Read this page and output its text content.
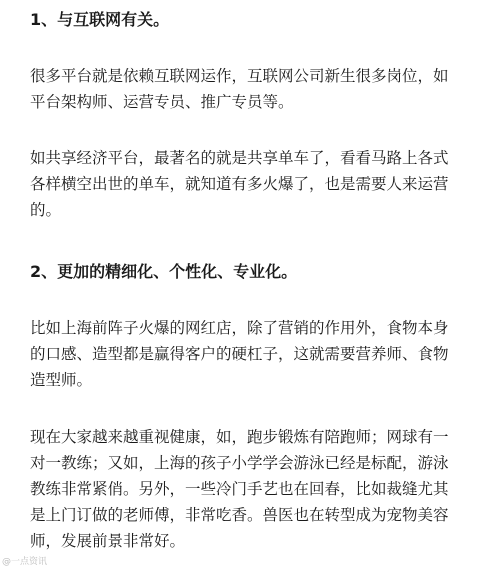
1、与互联网有关。

很多平台就是依赖互联网运作，互联网公司新生很多岗位，如
平台架构师、运营专员、推广专员等。

如共享经济平台，最著名的就是共享单车了，看看马路上各式
各样横空出世的单车，就知道有多火爆了，也是需要人来运营
的。

2、更加的精细化、个性化、专业化。

比如上海前阵子火爆的网红店，除了营销的作用外，食物本身
的口感、造型都是赢得客户的硬杠子，这就需要营养师、食物
造型师。

现在大家越来越重视健康，如，跑步锻炼有陪跑师；网球有一
对一教练；又如，上海的孩子小学学会游泳已经是标配，游泳
教练非常紧俏。另外，一些冷门手艺也在回春，比如裁缝尤其
是上门订做的老师傅，非常吃香。兽医也在转型成为宠物美容
师，发展前景非常好。

@一点资讯
